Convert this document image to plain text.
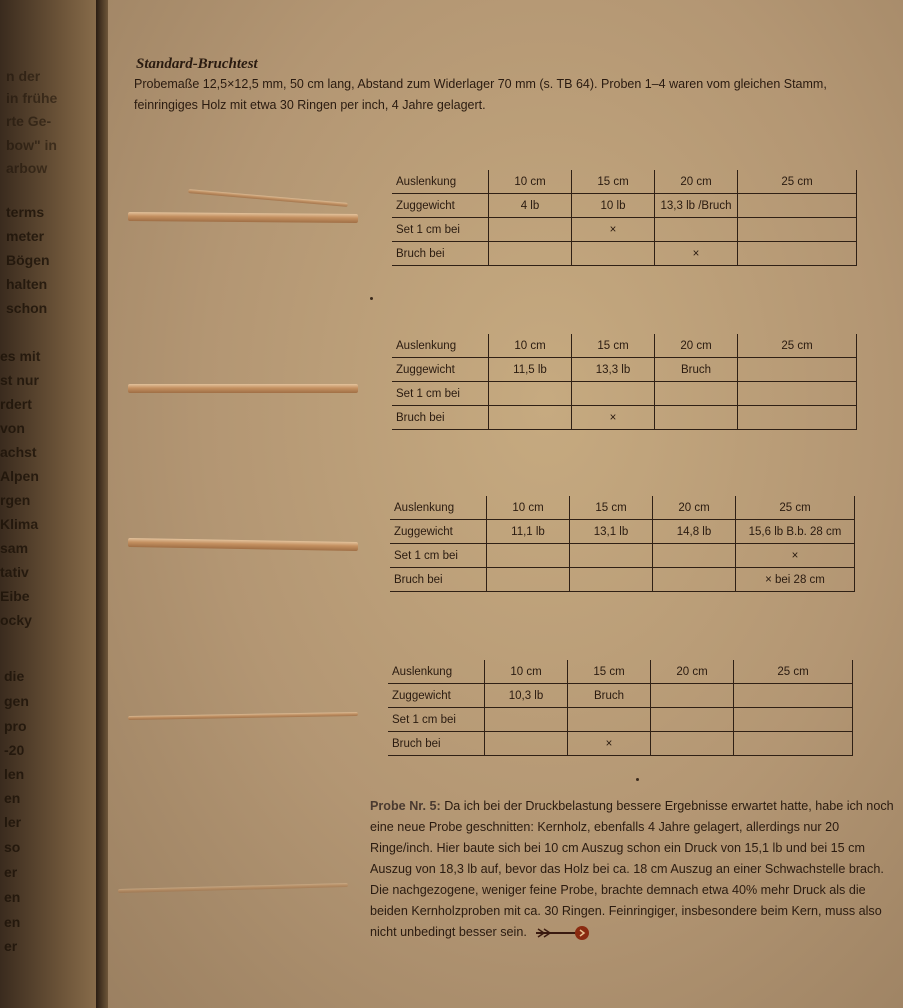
n der
in frühe
rte Ge-
bow" in
arbow
terms
meter
Bögen
halten
schon
es mit
st nur
rdert
von
achst
Alpen
rgen
Klima
sam
tativ
Eibe
ocky
die
gen
pro
-20
len
en
ler
so
er
en
en
er
Standard-Bruchtest
Probemaße 12,5×12,5 mm, 50 cm lang, Abstand zum Widerlager 70 mm (s. TB 64). Proben 1–4 waren vom gleichen Stamm, feinringiges Holz mit etwa 30 Ringen per inch, 4 Jahre gelagert.
Auslenkung	10 cm	15 cm	20 cm	25 cm
Zuggewicht	4 lb	10 lb	13,3 lb /Bruch	
Set 1 cm bei		×		
Bruch bei			×	
Auslenkung	10 cm	15 cm	20 cm	25 cm
Zuggewicht	11,5 lb	13,3 lb	Bruch	
Set 1 cm bei				
Bruch bei		×		
Auslenkung	10 cm	15 cm	20 cm	25 cm
Zuggewicht	11,1 lb	13,1 lb	14,8 lb	15,6 lb B.b. 28 cm
Set 1 cm bei				×
Bruch bei				× bei 28 cm
Auslenkung	10 cm	15 cm	20 cm	25 cm
Zuggewicht	10,3 lb	Bruch		
Set 1 cm bei				
Bruch bei		×		
Probe Nr. 5: Da ich bei der Druckbelastung bessere Ergebnisse erwartet hatte, habe ich noch eine neue Probe geschnitten: Kernholz, ebenfalls 4 Jahre gelagert, allerdings nur 20 Ringe/inch. Hier baute sich bei 10 cm Auszug schon ein Druck von 15,1 lb und bei 15 cm Auszug von 18,3 lb auf, bevor das Holz bei ca. 18 cm Auszug an einer Schwachstelle brach. Die nachgezogene, weniger feine Probe, brachte demnach etwa 40% mehr Druck als die beiden Kernholzproben mit ca. 30 Ringen. Feinringiger, insbesondere beim Kern, muss also nicht unbedingt besser sein.
